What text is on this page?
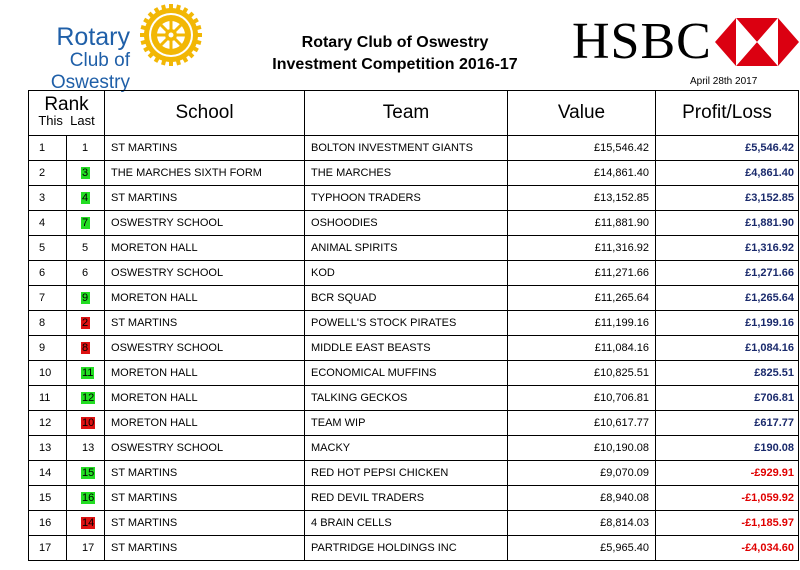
Rotary
Club of Oswestry
Rotary Club of Oswestry
Investment Competition 2016-17	HSBC
April 28th 2017
Rank
This  Last		School	Team	Value	Profit/Loss
1	1	ST MARTINS	BOLTON INVESTMENT GIANTS	£15,546.42	£5,546.42
2	3	THE MARCHES SIXTH FORM	THE MARCHES	£14,861.40	£4,861.40
3	4	ST MARTINS	TYPHOON TRADERS	£13,152.85	£3,152.85
4	7	OSWESTRY SCHOOL	OSHOODIES	£11,881.90	£1,881.90
5	5	MORETON HALL	ANIMAL SPIRITS	£11,316.92	£1,316.92
6	6	OSWESTRY SCHOOL	KOD	£11,271.66	£1,271.66
7	9	MORETON HALL	BCR SQUAD	£11,265.64	£1,265.64
8	2	ST MARTINS	POWELL'S STOCK PIRATES	£11,199.16	£1,199.16
9	8	OSWESTRY SCHOOL	MIDDLE EAST BEASTS	£11,084.16	£1,084.16
10	11	MORETON HALL	ECONOMICAL MUFFINS	£10,825.51	£825.51
11	12	MORETON HALL	TALKING GECKOS	£10,706.81	£706.81
12	10	MORETON HALL	TEAM WIP	£10,617.77	£617.77
13	13	OSWESTRY SCHOOL	MACKY	£10,190.08	£190.08
14	15	ST MARTINS	RED HOT PEPSI CHICKEN	£9,070.09	-£929.91
15	16	ST MARTINS	RED DEVIL TRADERS	£8,940.08	-£1,059.92
16	14	ST MARTINS	4 BRAIN CELLS	£8,814.03	-£1,185.97
17	17	ST MARTINS	PARTRIDGE HOLDINGS INC	£5,965.40	-£4,034.60
